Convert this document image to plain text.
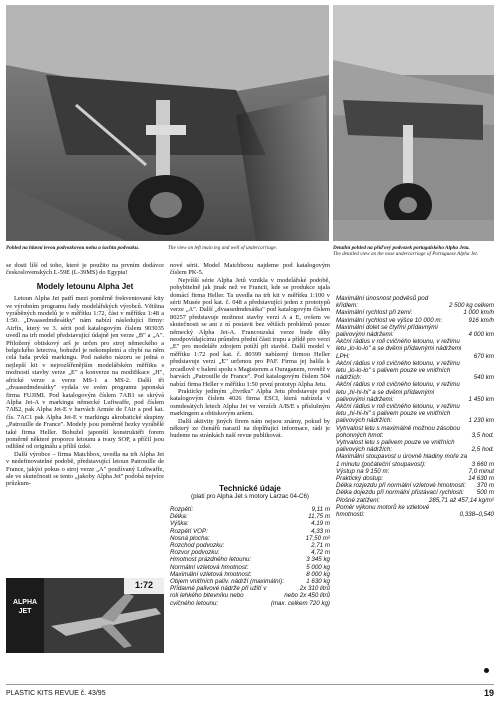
Pohled na hlavní levou podvozkovou nohu a šachtu podvozku.	The view on left main leg and well of undercarriage.	Detailní pohled na příďový podvozek portugalského Alpha Jetu.
The detailed view on the nose undercarriage of Portuguese Alpha Jet.

se dosti líší od toho, které je použito na prvním dodávce československých L-59E (L-39MS) do Egypta!

Modely letounu Alpha Jet

Letoun Alpha Jet patří mezi poměrně frekventované kity ve výrobním programu řady modelářských výrobců. Většina vyráběných modelů je v měřítku 1:72, část v měřítku 1:48 a 1:50. „Dvaasedmdesátky" nám nabízí následující firmy: Airfix, který ve 3. sérii pod katalogovým číslem 903035 uvedl na trh model představující údajně jen verze „B" a „A". Přiložený obtiskový arš je určen pro stroj německého a belgického letectva, bohužel je nekompletní a chybí na něm celá řada prvků markingu. Pod našeho názoru se jedná o nejlepší kit v nejrozšířenějším modelářském měřítku s možností stavby verze „E" a konverze na modifikace „H", africké verze a verze MS-1 a MS-2. Další tři „dvaasedmdesátky" vydala ve svém programu japonská firma FUJIMI. Pod katalogovým číslem 7AB1 se skrývá Alpha Jet-A v markingu německé Luftwaffe, pod číslem 7AB2, pak Alpha Jet-E v barvách Armée de l'Air a pod kat. čís. 7AC1 pak Alpha Jet-E v markingu akrobatické skupiny „Patrouille de France". Modely jsou poměrně hezky vyrábělé také firma Heller. Bohužel japonští konstruktéři forem poměrně některé proporce letounu a tvary SOP, a příčil jsou odlišné od originálu a příliš úzké.

Další výrobce – firma Matchbox, uvedla na trh Alpha Jet v nedefinovatelné podobě, představující letoun Patrouille de France, jakýsi pokus o stroj verze „A" používaný Luftwaffe, ale ve skutečnosti se tento „jakoby Alpha Jet" podobá nejvíce průzkum-

ALPHA JET
1:72

nové sérii. Model Matchboxu najdeme pod katalogovým číslem PK-5.

Nejvíšší série Alpha Jetů vznikla v modelářské podobě, pohybitelně jak jinak než ve Francii, kde se produkce ujala domácí firma Heller. Ta uvedla na trh kit v měřítku 1:100 v sérii Musée pod kat. č. 048 a představující jeden z prototypů verze „A". Další „dvaasedmdesátka" pod katalogovým číslem 80257 představuje možnost stavby verzí A a E, ovšem ve skutečnosti se ani z ní postavit bez větších problémů pouze německý Alpha Jet-A. Francouzská verze bude díky neodpovídajícímu průměru přední části trupu a přídě pro verzi „E" pro modeláře zdrojem potíží při stavbě. Další model v měřítku 1:72 pod kat. č. 80399 nabízený firmou Heller představuje verzi „E" určenou pro PAF. Firma jej balila k zrcadlově v balení spolu s Magisterem a Ouraganem, rovněž v barvách „Patrouille de France". Pod katalogovým číslem 504 nabízí firma Heller v měřítku 1:50 první prototyp Alpha Jetu.

Prakticky jediným „čtvrtku" Alpha Jetu představuje pod katalogovým číslem 4026 firma ESCI, která nabízela v osmdesátých letech Alpha Jet ve verzích A/B/E s příslušným markingem a obtiskovým aršem.

Další aktivity jiných firem nám nejsou známy, pokud by některý ze čtenářů narazil na doplňující informace, rádi je budeme na stránkách naší revue publikovat.

Technické údaje
(platí pro Alpha Jet s motory Larzac 04-C6)
Rozpětí:	9,11 m
Délka:	11,75 m
Výška:	4,19 m
Rozpětí VOP:	4,33 m
Nosná plocha:	17,50 m²
Rozchod podvozku:	2,71 m
Rozvor podvozku:	4,72 m
Hmotnost prázdného letounu:	3 345 kg
Normální vzletová hmotnost:	5 000 kg
Maximální vzletová hmotnost:	8 000 kg
Objem vnitřních palív. nádrží (maximální):	1 630 kg
Přídavné palivové nádrže při užití v roli lehkého bitevníku nebo cvičného letounu:
2x 310 litrů
nebo 2x 450 litrů
(max. celkem 720 kg)
Maximální únosnost podvěsů pod křídlem:	2 500 kg celkem
Maximální rychlost při zemi:	1 000 km/h
Maximální rychlost ve výšce 10 000 m:	916 km/h
Maximální dolet se čtyřmi přídavnými palivovými nádržemi:	4 000 km
Akční rádius v roli cvičného letounu, v režimu letu „lo-lo-lo" a se dvěmi přídavnými nádržemi LPH:	670 km
Akční rádius v roli cvičného letounu, v režimu letu „lo-lo-lo" s palivem pouze ve vnitřních nádržích:	540 km
Akční rádius v roli cvičného letounu, v režimu letu „hi-hi-hi" a se dvěmi přídavnými palivovými nádržemi:	1 450 km
Akční rádius v roli cvičného letounu, v režimu letu „hi-hi-hi" s palivem pouze ve vnitřních palivových nádržích:	1 230 km
Vytrvalost letu s maximálně možnou zásobou pohonných hmot:	3,5 hod.
Vytrvalost letu s palivem pouze ve vnitřních palivových nádržích:	2,5 hod.
Maximální stoupavost u úrovně hladiny moře za 1 minutu (počáteční stoupavost):	3 660 m
Výstup na 9 150 m:	7,0 minut
Praktický dostup:	14 630 m
Délka rozjezdu při normální vzletové hmotnosti:	370 m
Délka dojezdu při normální přistávací rychlosti:	500 m
Plošné zatížení:	285,71 až 457,14 kg/m²
Poměr výkonu motorů ke vzletové hmotnosti:	0,338–0,540
PLASTIC KITS REVUE č. 43/95	19
